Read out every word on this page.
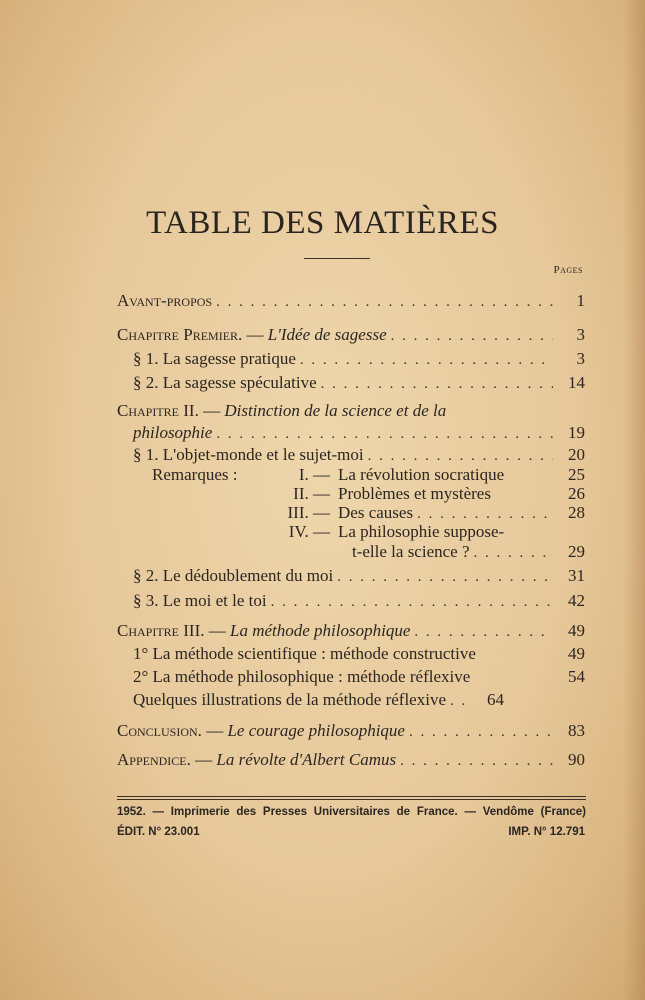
TABLE DES MATIÈRES
Pages
Avant-propos . . .	1
Chapitre Premier. — L'Idée de sagesse . . .	3
§ 1. La sagesse pratique . . .	3
§ 2. La sagesse spéculative . . .	14
Chapitre II. — Distinction de la science et de la
philosophie . . .	19
§ 1. L'objet-monde et le sujet-moi . . .	20
Remarques :	I. — La révolution socratique	25
II. — Problèmes et mystères	26
III. — Des causes . . .	28
IV. — La philosophie suppose-
t-elle la science ? . . .	29
§ 2. Le dédoublement du moi . . .	31
§ 3. Le moi et le toi . . .	42
Chapitre III. — La méthode philosophique . . .	49
1° La méthode scientifique : méthode constructive	49
2° La méthode philosophique : méthode réflexive	54
Quelques illustrations de la méthode réflexive . . .	64
Conclusion. — Le courage philosophique . . .	83
Appendice. — La révolte d'Albert Camus . . .	90
1952. — Imprimerie des Presses Universitaires de France. — Vendôme (France)
ÉDIT. N° 23.001	IMP. N° 12.791
